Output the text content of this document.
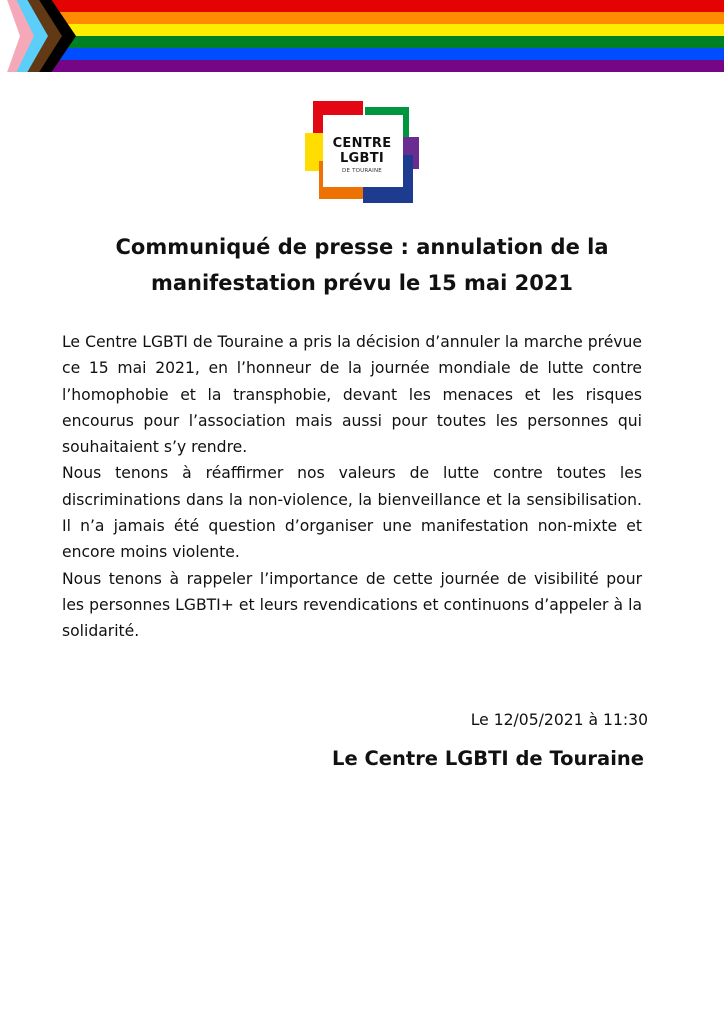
CENTRE
LGBTI
DE TOURAINE
Communiqué de presse : annulation de la
manifestation prévu le 15 mai 2021

Le Centre LGBTI de Touraine a pris la décision d’annuler la marche prévue ce 15 mai 2021, en l’honneur de la journée mondiale de lutte contre l’homophobie et la transphobie, devant les menaces et les risques encourus pour l’association mais aussi pour toutes les personnes qui souhaitaient s’y rendre.

Nous tenons à réaffirmer nos valeurs de lutte contre toutes les discriminations dans la non-violence, la bienveillance et la sensibilisation. Il n’a jamais été question d’organiser une manifestation non-mixte et encore moins violente.

Nous tenons à rappeler l’importance de cette journée de visibilité pour les personnes LGBTI+ et leurs revendications et continuons d’appeler à la solidarité.

Le 12/05/2021 à 11:30
Le Centre LGBTI de Touraine
